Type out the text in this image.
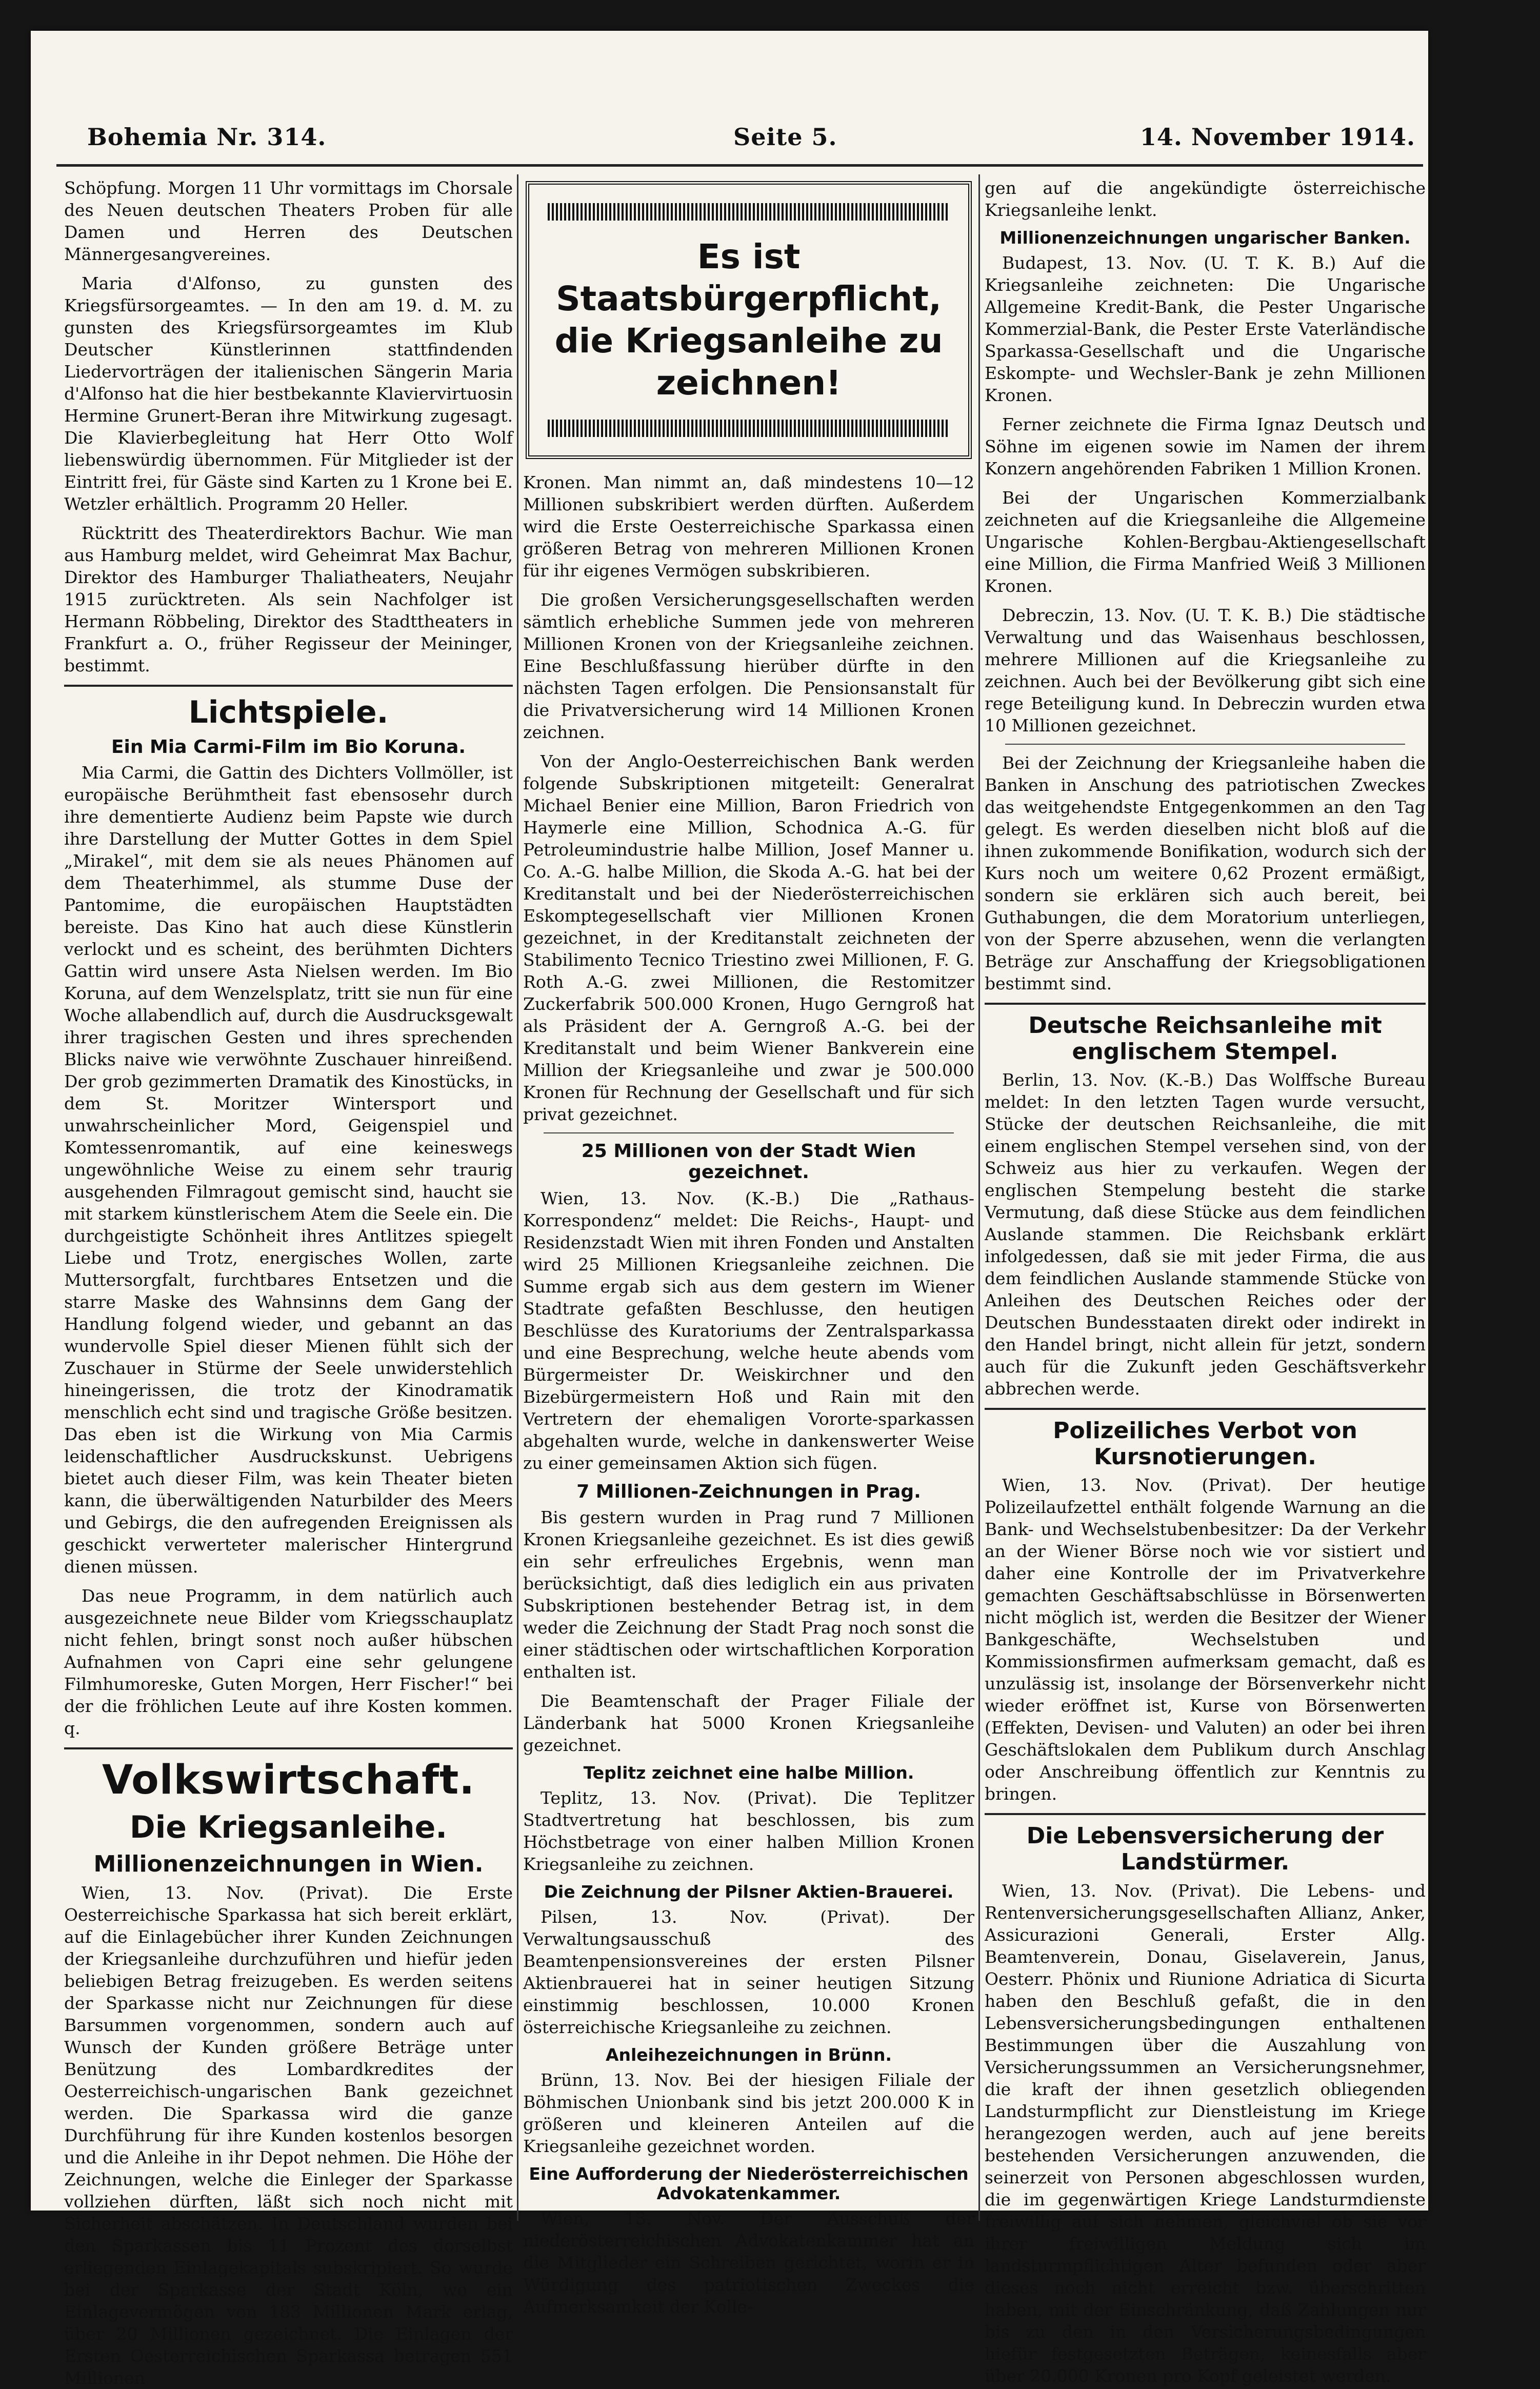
Bohemia Nr. 314.	Seite 5.	14. November 1914.

Schöpfung. Morgen 11 Uhr vormittags im Chorsale des Neuen deutschen Theaters Proben für alle Damen und Herren des Deutschen Männergesangvereines.

Maria d'Alfonso, zu gunsten des Kriegsfürsorgeamtes. — In den am 19. d. M. zu gunsten des Kriegsfürsorgeamtes im Klub Deutscher Künstlerinnen stattfindenden Liedervorträgen der italienischen Sängerin Maria d'Alfonso hat die hier bestbekannte Klaviervirtuosin Hermine Grunert-Beran ihre Mitwirkung zugesagt. Die Klavierbegleitung hat Herr Otto Wolf liebenswürdig übernommen. Für Mitglieder ist der Eintritt frei, für Gäste sind Karten zu 1 Krone bei E. Wetzler erhältlich. Programm 20 Heller.

Rücktritt des Theaterdirektors Bachur. Wie man aus Hamburg meldet, wird Geheimrat Max Bachur, Direktor des Hamburger Thaliatheaters, Neujahr 1915 zurücktreten. Als sein Nachfolger ist Hermann Röbbeling, Direktor des Stadttheaters in Frankfurt a. O., früher Regisseur der Meininger, bestimmt.

Lichtspiele.
Ein Mia Carmi-Film im Bio Koruna.

Mia Carmi, die Gattin des Dichters Vollmöller, ist europäische Berühmtheit fast ebensosehr durch ihre dementierte Audienz beim Papste wie durch ihre Darstellung der Mutter Gottes in dem Spiel „Mirakel“, mit dem sie als neues Phänomen auf dem Theaterhimmel, als stumme Duse der Pantomime, die europäischen Hauptstädten bereiste. Das Kino hat auch diese Künstlerin verlockt und es scheint, des berühmten Dichters Gattin wird unsere Asta Nielsen werden. Im Bio Koruna, auf dem Wenzelsplatz, tritt sie nun für eine Woche allabendlich auf, durch die Ausdrucksgewalt ihrer tragischen Gesten und ihres sprechenden Blicks naive wie verwöhnte Zuschauer hinreißend. Der grob gezimmerten Dramatik des Kinostücks, in dem St. Moritzer Wintersport und unwahrscheinlicher Mord, Geigenspiel und Komtessenromantik, auf eine keineswegs ungewöhnliche Weise zu einem sehr traurig ausgehenden Filmragout gemischt sind, haucht sie mit starkem künstlerischem Atem die Seele ein. Die durchgeistigte Schönheit ihres Antlitzes spiegelt Liebe und Trotz, energisches Wollen, zarte Muttersorgfalt, furchtbares Entsetzen und die starre Maske des Wahnsinns dem Gang der Handlung folgend wieder, und gebannt an das wundervolle Spiel dieser Mienen fühlt sich der Zuschauer in Stürme der Seele unwiderstehlich hineingerissen, die trotz der Kinodramatik menschlich echt sind und tragische Größe besitzen. Das eben ist die Wirkung von Mia Carmis leidenschaftlicher Ausdruckskunst. Uebrigens bietet auch dieser Film, was kein Theater bieten kann, die überwältigenden Naturbilder des Meers und Gebirgs, die den aufregenden Ereignissen als geschickt verwerteter malerischer Hintergrund dienen müssen.

Das neue Programm, in dem natürlich auch ausgezeichnete neue Bilder vom Kriegsschauplatz nicht fehlen, bringt sonst noch außer hübschen Aufnahmen von Capri eine sehr gelungene Filmhumoreske, Guten Morgen, Herr Fischer!“ bei der die fröhlichen Leute auf ihre Kosten kommen. q.

Volkswirtschaft.
Die Kriegsanleihe.
Millionenzeichnungen in Wien.

Wien, 13. Nov. (Privat). Die Erste Oesterreichische Sparkassa hat sich bereit erklärt, auf die Einlagebücher ihrer Kunden Zeichnungen der Kriegsanleihe durchzuführen und hiefür jeden beliebigen Betrag freizugeben. Es werden seitens der Sparkasse nicht nur Zeichnungen für diese Barsummen vorgenommen, sondern auch auf Wunsch der Kunden größere Beträge unter Benützung des Lombardkredites der Oesterreichisch-ungarischen Bank gezeichnet werden. Die Sparkassa wird die ganze Durchführung für ihre Kunden kostenlos besorgen und die Anleihe in ihr Depot nehmen. Die Höhe der Zeichnungen, welche die Einleger der Sparkasse vollziehen dürften, läßt sich noch nicht mit Sicherheit abschätzen. In Deutschland wurden bei den Sparkassen bis 11 Prozent des dorselbst erliegenden Einlagekapitals subskripiert. So wurde bei der Sparkasse der Stadt Köln, wo ein Einlagevermögen von 183 Millionen Mark erlag, über 20 Millionen gezeichnet. Die Einlagen der Ersten Oesterreichischen Sparkassa betragen 551 Millionen

Es ist Staatsbürgerpflicht, die Kriegsanleihe zu zeichnen!

Kronen. Man nimmt an, daß mindestens 10—12 Millionen subskribiert werden dürften. Außerdem wird die Erste Oesterreichische Sparkassa einen größeren Betrag von mehreren Millionen Kronen für ihr eigenes Vermögen subskribieren.

Die großen Versicherungsgesellschaften werden sämtlich erhebliche Summen jede von mehreren Millionen Kronen von der Kriegsanleihe zeichnen. Eine Beschlußfassung hierüber dürfte in den nächsten Tagen erfolgen. Die Pensionsanstalt für die Privatversicherung wird 14 Millionen Kronen zeichnen.

Von der Anglo-Oesterreichischen Bank werden folgende Subskriptionen mitgeteilt: Generalrat Michael Benier eine Million, Baron Friedrich von Haymerle eine Million, Schodnica A.-G. für Petroleumindustrie halbe Million, Josef Manner u. Co. A.-G. halbe Million, die Skoda A.-G. hat bei der Kreditanstalt und bei der Niederösterreichischen Eskomptegesellschaft vier Millionen Kronen gezeichnet, in der Kreditanstalt zeichneten der Stabilimento Tecnico Triestino zwei Millionen, F. G. Roth A.-G. zwei Millionen, die Restomitzer Zuckerfabrik 500.000 Kronen, Hugo Gerngroß hat als Präsident der A. Gerngroß A.-G. bei der Kreditanstalt und beim Wiener Bankverein eine Million der Kriegsanleihe und zwar je 500.000 Kronen für Rechnung der Gesellschaft und für sich privat gezeichnet.

25 Millionen von der Stadt Wien gezeichnet.

Wien, 13. Nov. (K.-B.) Die „Rathaus-Korrespondenz“ meldet: Die Reichs-, Haupt- und Residenzstadt Wien mit ihren Fonden und Anstalten wird 25 Millionen Kriegsanleihe zeichnen. Die Summe ergab sich aus dem gestern im Wiener Stadtrate gefaßten Beschlusse, den heutigen Beschlüsse des Kuratoriums der Zentralsparkassa und eine Besprechung, welche heute abends vom Bürgermeister Dr. Weiskirchner und den Bizebürgermeistern Hoß und Rain mit den Vertretern der ehemaligen Vororte-sparkassen abgehalten wurde, welche in dankenswerter Weise zu einer gemeinsamen Aktion sich fügen.

7 Millionen-Zeichnungen in Prag.

Bis gestern wurden in Prag rund 7 Millionen Kronen Kriegsanleihe gezeichnet. Es ist dies gewiß ein sehr erfreuliches Ergebnis, wenn man berücksichtigt, daß dies lediglich ein aus privaten Subskriptionen bestehender Betrag ist, in dem weder die Zeichnung der Stadt Prag noch sonst die einer städtischen oder wirtschaftlichen Korporation enthalten ist.

Die Beamtenschaft der Prager Filiale der Länderbank hat 5000 Kronen Kriegsanleihe gezeichnet.

Teplitz zeichnet eine halbe Million.

Teplitz, 13. Nov. (Privat). Die Teplitzer Stadtvertretung hat beschlossen, bis zum Höchstbetrage von einer halben Million Kronen Kriegsanleihe zu zeichnen.

Die Zeichnung der Pilsner Aktien-Brauerei.

Pilsen, 13. Nov. (Privat). Der Verwaltungsausschuß des Beamtenpensionsvereines der ersten Pilsner Aktienbrauerei hat in seiner heutigen Sitzung einstimmig beschlossen, 10.000 Kronen österreichische Kriegsanleihe zu zeichnen.

Anleihezeichnungen in Brünn.

Brünn, 13. Nov. Bei der hiesigen Filiale der Böhmischen Unionbank sind bis jetzt 200.000 K in größeren und kleineren Anteilen auf die Kriegsanleihe gezeichnet worden.

Eine Aufforderung der Niederösterreichischen Advokatenkammer.

Wien, 13. Nov. Der Ausschuß der niederösterreichischen Advokatenkammer hat an die Mitglieder ein Schreiben gerichtet, worin er in Würdigung des patriotischen Zweckes die Aufmerksamkeit der Kolle-

gen auf die angekündigte österreichische Kriegsanleihe lenkt.

Millionenzeichnungen ungarischer Banken.

Budapest, 13. Nov. (U. T. K. B.) Auf die Kriegsanleihe zeichneten: Die Ungarische Allgemeine Kredit-Bank, die Pester Ungarische Kommerzial-Bank, die Pester Erste Vaterländische Sparkassa-Gesellschaft und die Ungarische Eskompte- und Wechsler-Bank je zehn Millionen Kronen.

Ferner zeichnete die Firma Ignaz Deutsch und Söhne im eigenen sowie im Namen der ihrem Konzern angehörenden Fabriken 1 Million Kronen.

Bei der Ungarischen Kommerzialbank zeichneten auf die Kriegsanleihe die Allgemeine Ungarische Kohlen-Bergbau-Aktiengesellschaft eine Million, die Firma Manfried Weiß 3 Millionen Kronen.

Debreczin, 13. Nov. (U. T. K. B.) Die städtische Verwaltung und das Waisenhaus beschlossen, mehrere Millionen auf die Kriegsanleihe zu zeichnen. Auch bei der Bevölkerung gibt sich eine rege Beteiligung kund. In Debreczin wurden etwa 10 Millionen gezeichnet.

Bei der Zeichnung der Kriegsanleihe haben die Banken in Anschung des patriotischen Zweckes das weitgehendste Entgegenkommen an den Tag gelegt. Es werden dieselben nicht bloß auf die ihnen zukommende Bonifikation, wodurch sich der Kurs noch um weitere 0,62 Prozent ermäßigt, sondern sie erklären sich auch bereit, bei Guthabungen, die dem Moratorium unterliegen, von der Sperre abzusehen, wenn die verlangten Beträge zur Anschaffung der Kriegsobligationen bestimmt sind.

Deutsche Reichsanleihe mit englischem Stempel.

Berlin, 13. Nov. (K.-B.) Das Wolffsche Bureau meldet: In den letzten Tagen wurde versucht, Stücke der deutschen Reichsanleihe, die mit einem englischen Stempel versehen sind, von der Schweiz aus hier zu verkaufen. Wegen der englischen Stempelung besteht die starke Vermutung, daß diese Stücke aus dem feindlichen Auslande stammen. Die Reichsbank erklärt infolgedessen, daß sie mit jeder Firma, die aus dem feindlichen Auslande stammende Stücke von Anleihen des Deutschen Reiches oder der Deutschen Bundesstaaten direkt oder indirekt in den Handel bringt, nicht allein für jetzt, sondern auch für die Zukunft jeden Geschäftsverkehr abbrechen werde.

Polizeiliches Verbot von Kursnotierungen.

Wien, 13. Nov. (Privat). Der heutige Polizeilaufzettel enthält folgende Warnung an die Bank- und Wechselstubenbesitzer: Da der Verkehr an der Wiener Börse noch wie vor sistiert und daher eine Kontrolle der im Privatverkehre gemachten Geschäftsabschlüsse in Börsenwerten nicht möglich ist, werden die Besitzer der Wiener Bankgeschäfte, Wechselstuben und Kommissionsfirmen aufmerksam gemacht, daß es unzulässig ist, insolange der Börsenverkehr nicht wieder eröffnet ist, Kurse von Börsenwerten (Effekten, Devisen- und Valuten) an oder bei ihren Geschäftslokalen dem Publikum durch Anschlag oder Anschreibung öffentlich zur Kenntnis zu bringen.

Die Lebensversicherung der Landstürmer.

Wien, 13. Nov. (Privat). Die Lebens- und Rentenversicherungsgesellschaften Allianz, Anker, Assicurazioni Generali, Erster Allg. Beamtenverein, Donau, Giselaverein, Janus, Oesterr. Phönix und Riunione Adriatica di Sicurta haben den Beschluß gefaßt, die in den Lebensversicherungsbedingungen enthaltenen Bestimmungen über die Auszahlung von Versicherungssummen an Versicherungsnehmer, die kraft der ihnen gesetzlich obliegenden Landsturmpflicht zur Dienstleistung im Kriege herangezogen werden, auch auf jene bereits bestehenden Versicherungen anzuwenden, die seinerzeit von Personen abgeschlossen wurden, die im gegenwärtigen Kriege Landsturmdienste freiwillig auf sich nehmen, gleichviel ob sie vor ihrer freiwilligen Meldung sich im landsturmpflichtigen Alter befunden oder aber dieses noch nicht erreicht bzw. überschritten haben, mit der Einschränkung, daß Zahlungen nur bis zu den in den Versicherungsbedingungen hiefür festgesetzten Beträgen, keinesfalls aber über 20.000 Kronen pro Kopf geleistet werden.
